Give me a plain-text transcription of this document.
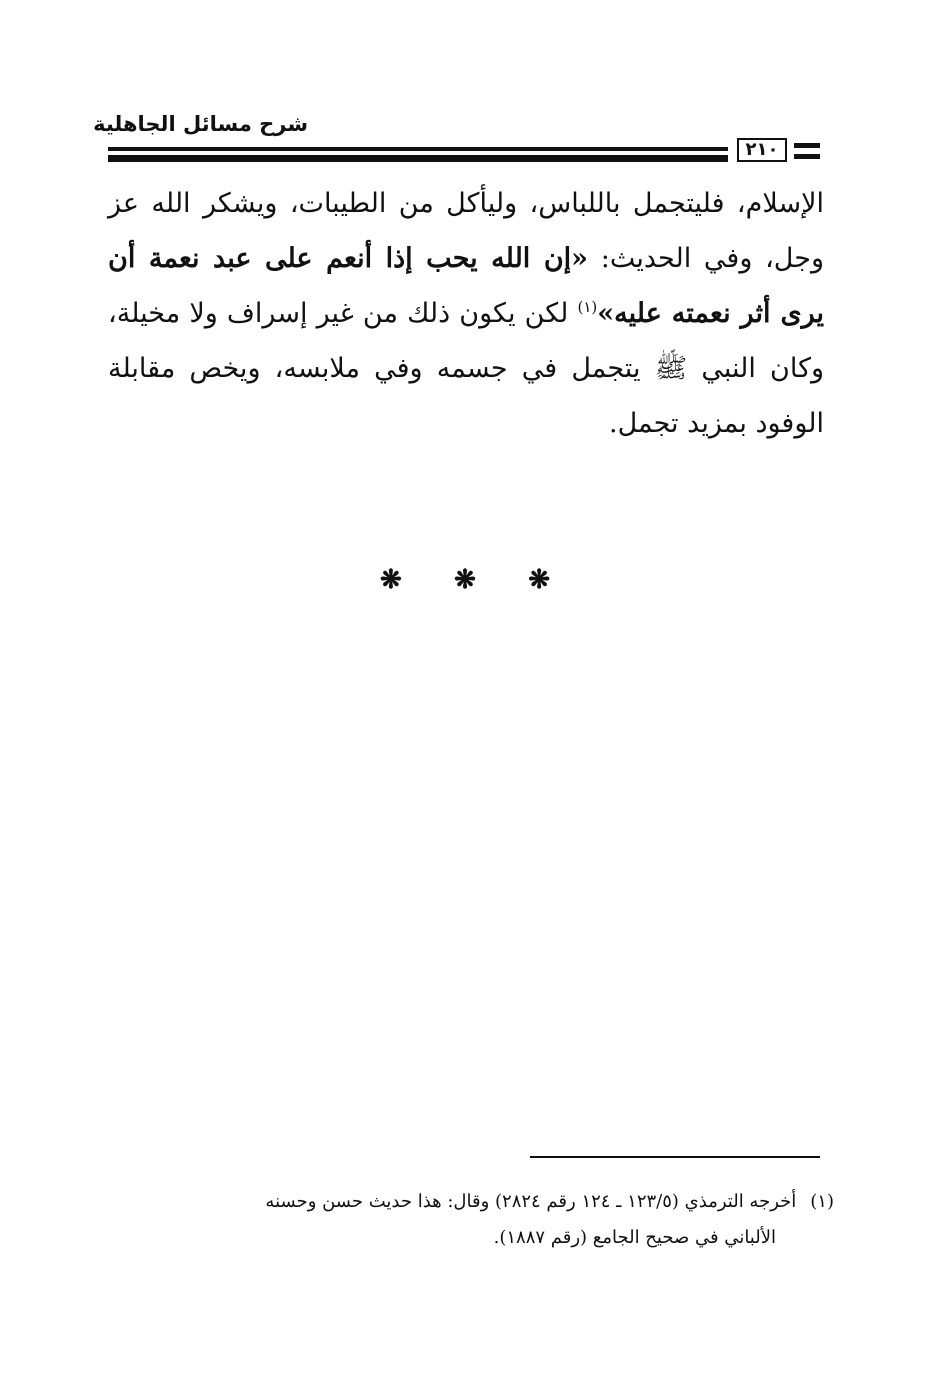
شرح مسائل الجاهلية
٢١٠

الإسلام، فليتجمل باللباس، وليأكل من الطيبات، ويشكر الله عز وجل، وفي الحديث: «إن الله يحب إذا أنعم على عبد نعمة أن يرى أثر نعمته عليه»$^{(١)}$ لكن يكون ذلك من غير إسراف ولا مخيلة، وكان النبي ﷺ يتجمل في جسمه وفي ملابسه، ويخص مقابلة الوفود بمزيد تجمل.

❋
❋
❋
(١)أخرجه الترمذي (١٢٣/٥ ـ ١٢٤ رقم ٢٨٢٤) وقال: هذا حديث حسن وحسنه
الألباني في صحيح الجامع (رقم ١٨٨٧).
